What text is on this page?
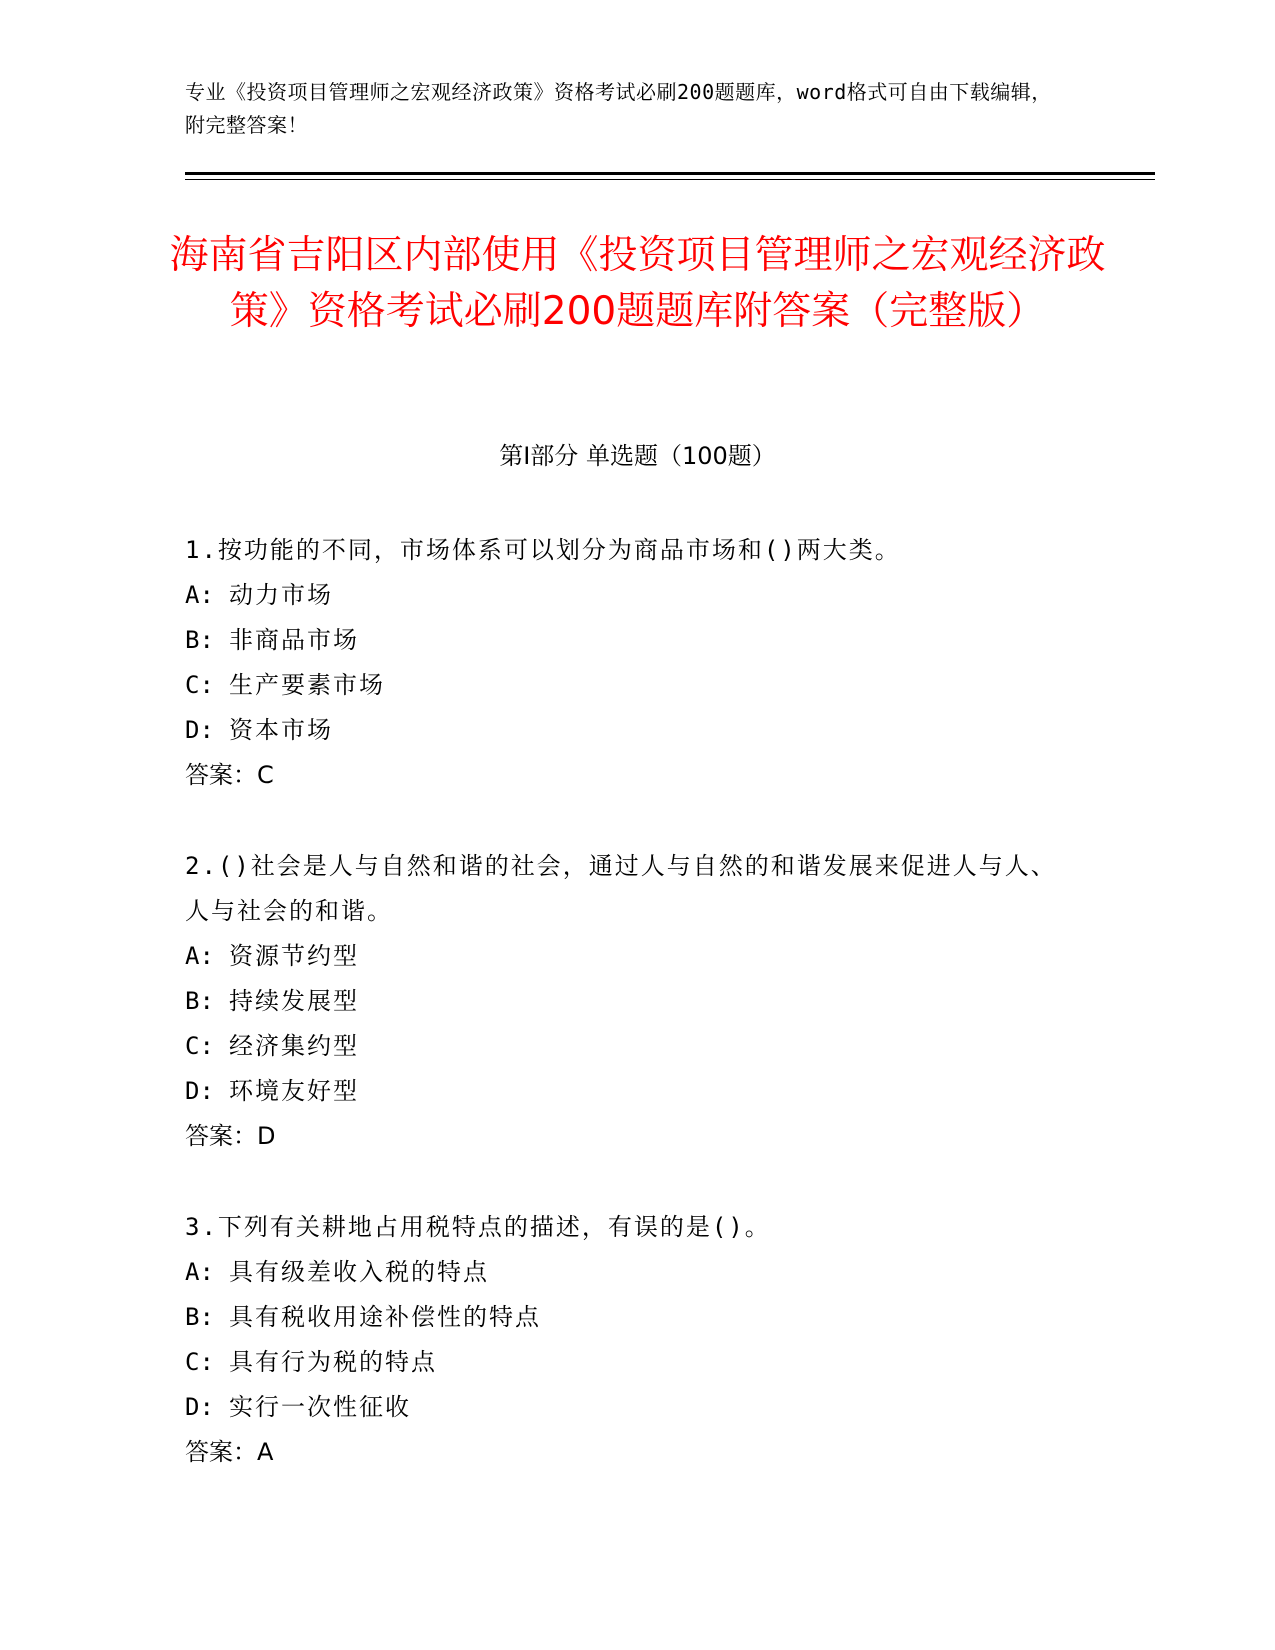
专业《投资项目管理师之宏观经济政策》资格考试必刷200题题库，word格式可自由下载编辑，附完整答案！
海南省吉阳区内部使用《投资项目管理师之宏观经济政策》资格考试必刷200题题库附答案（完整版）
第I部分 单选题（100题）
1.按功能的不同，市场体系可以划分为商品市场和()两大类。
A: 动力市场
B: 非商品市场
C: 生产要素市场
D: 资本市场
答案：C
2.()社会是人与自然和谐的社会，通过人与自然的和谐发展来促进人与人、人与社会的和谐。
A: 资源节约型
B: 持续发展型
C: 经济集约型
D: 环境友好型
答案：D
3.下列有关耕地占用税特点的描述，有误的是()。
A: 具有级差收入税的特点
B: 具有税收用途补偿性的特点
C: 具有行为税的特点
D: 实行一次性征收
答案：A
